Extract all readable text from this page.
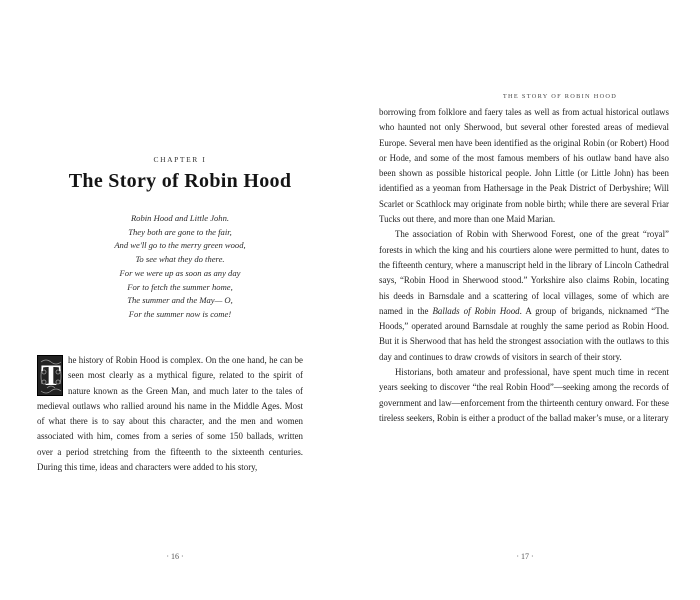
CHAPTER I
The Story of Robin Hood
Robin Hood and Little John.
They both are gone to the fair,
And we'll go to the merry green wood,
To see what they do there.
For we were up as soon as any day
For to fetch the summer home,
The summer and the May— O,
For the summer now is come!
T he history of Robin Hood is complex. On the one hand, he can be seen most clearly as a mythical figure, related to the spirit of nature known as the Green Man, and much later to the tales of medieval outlaws who rallied around his name in the Middle Ages. Most of what there is to say about this character, and the men and women associated with him, comes from a series of some 150 ballads, written over a period stretching from the fifteenth to the sixteenth centuries. During this time, ideas and characters were added to his story,

· 16 ·
THE STORY OF ROBIN HOOD

borrowing from folklore and faery tales as well as from actual historical outlaws who haunted not only Sherwood, but several other forested areas of medieval Europe. Several men have been identified as the original Robin (or Robert) Hood or Hode, and some of the most famous members of his outlaw band have also been shown as possible historical people. John Little (or Little John) has been identified as a yeoman from Hathersage in the Peak District of Derbyshire; Will Scarlet or Scathlock may originate from noble birth; while there are several Friar Tucks out there, and more than one Maid Marian.

The association of Robin with Sherwood Forest, one of the great “royal” forests in which the king and his courtiers alone were permitted to hunt, dates to the fifteenth century, where a manuscript held in the library of Lincoln Cathedral says, “Robin Hood in Sherwood stood.” Yorkshire also claims Robin, locating his deeds in Barnsdale and a scattering of local villages, some of which are named in the Ballads of Robin Hood. A group of brigands, nicknamed “The Hoods,” operated around Barnsdale at roughly the same period as Robin Hood. But it is Sherwood that has held the strongest association with the outlaws to this day and continues to draw crowds of visitors in search of their story.

Historians, both amateur and professional, have spent much time in recent years seeking to discover “the real Robin Hood”—seeking among the records of government and law—enforcement from the thirteenth century onward. For these tireless seekers, Robin is either a product of the ballad maker’s muse, or a literary

· 17 ·
